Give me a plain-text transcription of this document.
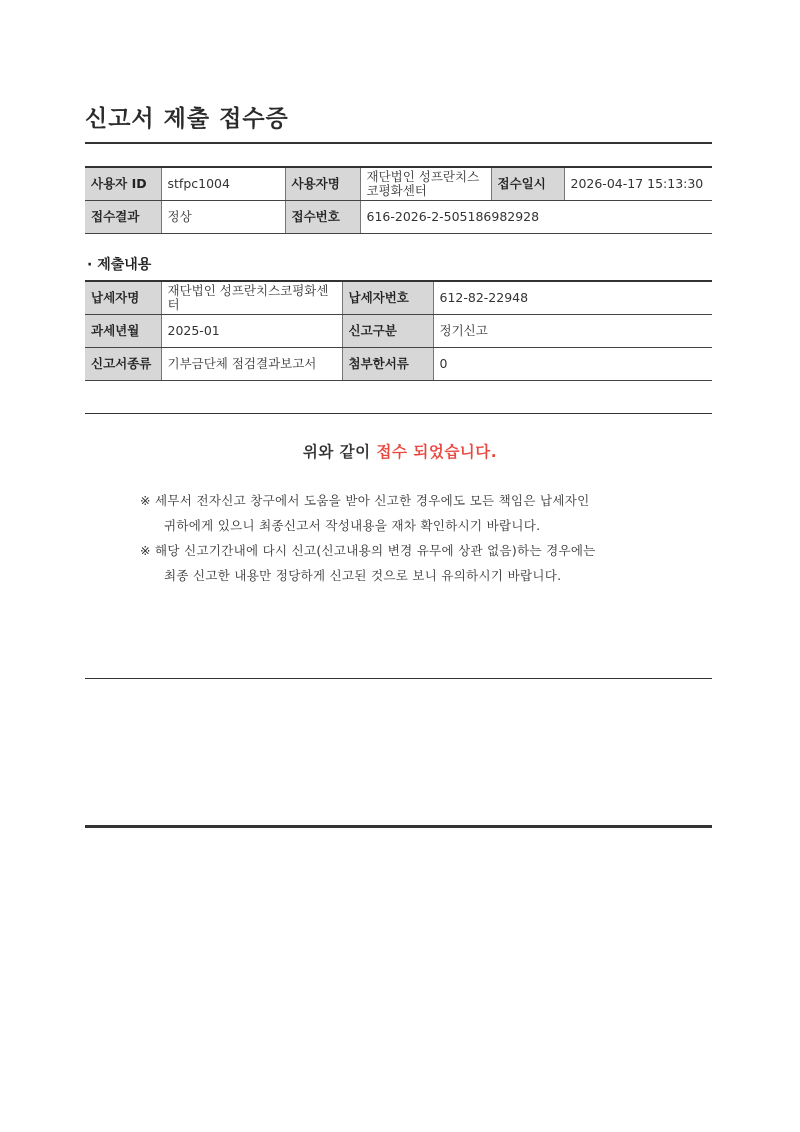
신고서 제출 접수증
사용자 ID	stfpc1004	사용자명	재단법인 성프란치스코평화센터	접수일시	2026-04-17 15:13:30
접수결과	정상	접수번호	616-2026-2-505186982928		
· 제출내용
납세자명	재단법인 성프란치스코평화센터	납세자번호	612-82-22948
과세년월	2025-01	신고구분	정기신고
신고서종류	기부금단체 점검결과보고서	첨부한서류	0
위와 같이 접수 되었습니다.

※ 세무서 전자신고 창구에서 도움을 받아 신고한 경우에도 모든 책임은 납세자인

귀하에게 있으니 최종신고서 작성내용을 재차 확인하시기 바랍니다.

※ 해당 신고기간내에 다시 신고(신고내용의 변경 유무에 상관 없음)하는 경우에는

최종 신고한 내용만 정당하게 신고된 것으로 보니 유의하시기 바랍니다.
